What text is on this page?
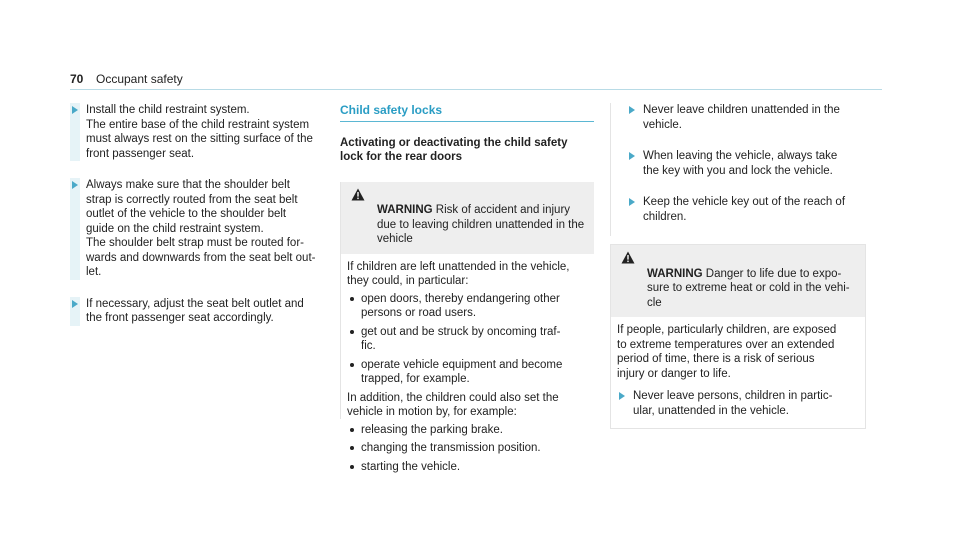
70 Occupant safety
Install the child restraint system.
The entire base of the child restraint system
must always rest on the sitting surface of the
front passenger seat.
Always make sure that the shoulder belt
strap is correctly routed from the seat belt
outlet of the vehicle to the shoulder belt
guide on the child restraint system.
The shoulder belt strap must be routed for-
wards and downwards from the seat belt out-
let.
If necessary, adjust the seat belt outlet and
the front passenger seat accordingly.
Child safety locks
Activating or deactivating the child safety
lock for the rear doors

WARNING Risk of accident and injury
due to leaving children unattended in the
vehicle

If children are left unattended in the vehicle,
they could, in particular:
open doors, thereby endangering other
persons or road users.
get out and be struck by oncoming traf-
fic.
operate vehicle equipment and become
trapped, for example.
In addition, the children could also set the
vehicle in motion by, for example:
releasing the parking brake.
changing the transmission position.
starting the vehicle.
Never leave children unattended in the
vehicle.
When leaving the vehicle, always take
the key with you and lock the vehicle.
Keep the vehicle key out of the reach of
children.

WARNING Danger to life due to expo-
sure to extreme heat or cold in the vehi-
cle

If people, particularly children, are exposed
to extreme temperatures over an extended
period of time, there is a risk of serious
injury or danger to life.
Never leave persons, children in partic-
ular, unattended in the vehicle.
